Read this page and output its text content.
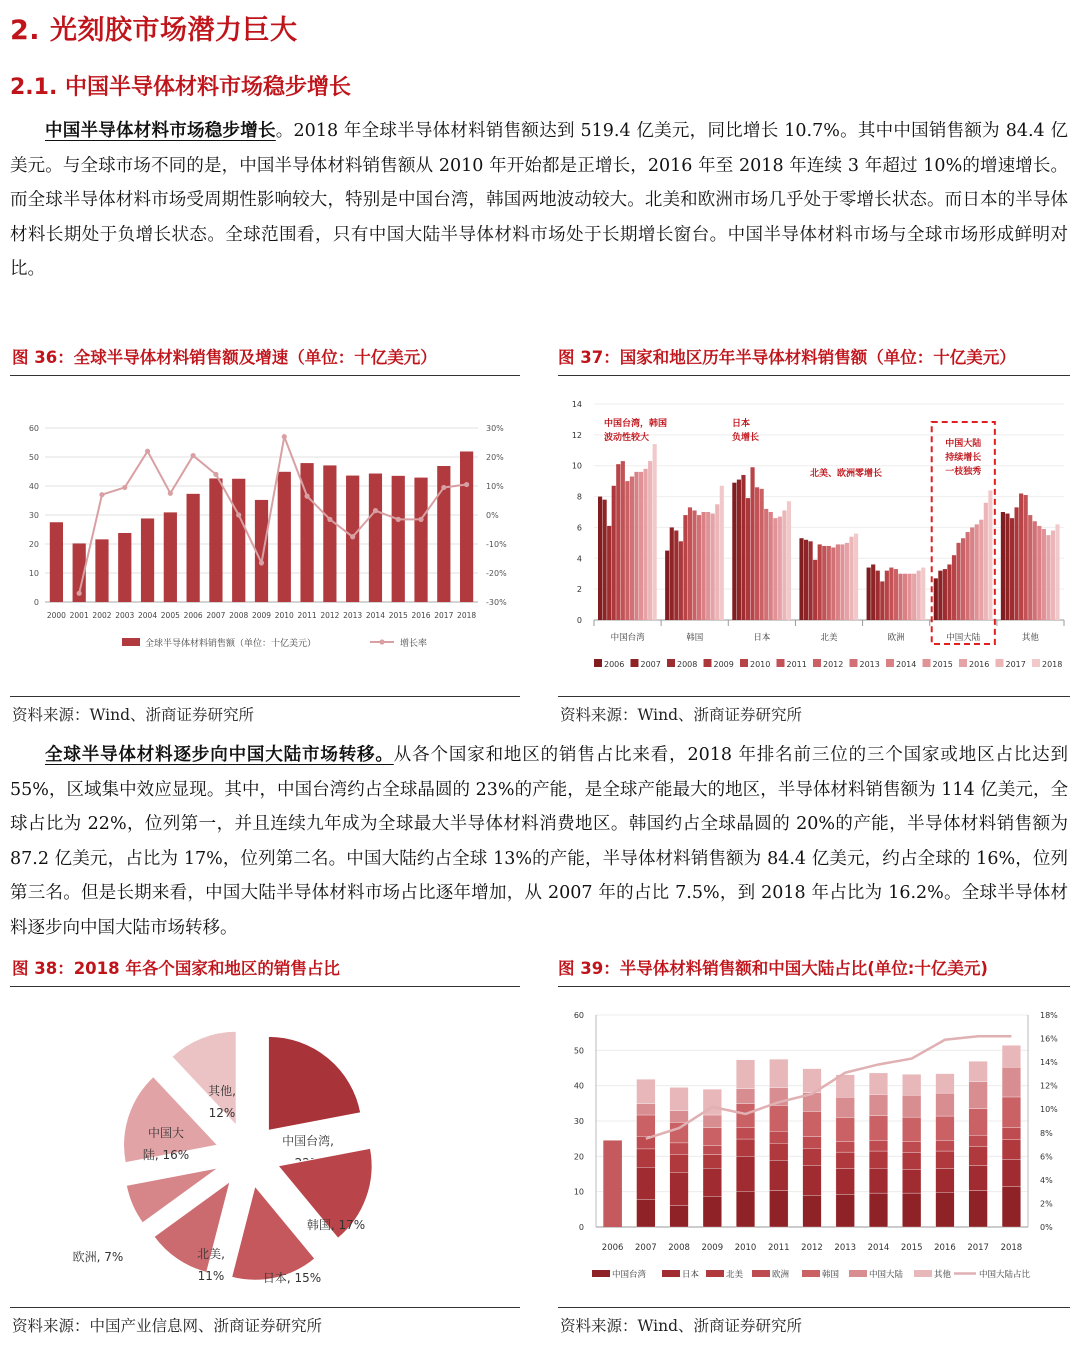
2. 光刻胶市场潜力巨大
2.1. 中国半导体材料市场稳步增长
中国半导体材料市场稳步增长。2018 年全球半导体材料销售额达到 519.4 亿美元，同比增长 10.7%。其中中国销售额为 84.4 亿美元。与全球市场不同的是，中国半导体材料销售额从 2010 年开始都是正增长，2016 年至 2018 年连续 3 年超过 10%的增速增长。而全球半导体材料市场受周期性影响较大，特别是中国台湾，韩国两地波动较大。北美和欧洲市场几乎处于零增长状态。而日本的半导体材料长期处于负增长状态。全球范围看，只有中国大陆半导体材料市场处于长期增长窗台。中国半导体材料市场与全球市场形成鲜明对比。
图 36：全球半导体材料销售额及增速（单位：十亿美元）
0
10
20
30
40
50
60
-30%
-20%
-10%
0%
10%
20%
30%
2000 2001 2002 2003 2004 2005 2006 2007 2008 2009 2010 2011 2012 2013 2014 2015 2016 2017 2018
全球半导体材料销售额（单位：十亿美元）	增长率
资料来源：Wind、浙商证券研究所
图 37：国家和地区历年半导体材料销售额（单位：十亿美元）
0
2
4
6
8
10
12
14
中国台湾	韩国	日本	北美	欧洲	中国大陆	其他
中国台湾，韩国
波动性较大
日本
负增长
北美、欧洲零增长
中国大陆
持续增长
一枝独秀
2006 2007 2008 2009 2010 2011 2012 2013 2014 2015 2016 2017 2018
资料来源：Wind、浙商证券研究所
全球半导体材料逐步向中国大陆市场转移。从各个国家和地区的销售占比来看，2018 年排名前三位的三个国家或地区占比达到 55%，区域集中效应显现。其中，中国台湾约占全球晶圆的 23%的产能，是全球产能最大的地区，半导体材料销售额为 114 亿美元，全球占比为 22%，位列第一，并且连续九年成为全球最大半导体材料消费地区。韩国约占全球晶圆的 20%的产能，半导体材料销售额为 87.2 亿美元，占比为 17%，位列第二名。中国大陆约占全球 13%的产能，半导体材料销售额为 84.4 亿美元，约占全球的 16%，位列第三名。但是长期来看，中国大陆半导体材料市场占比逐年增加，从 2007 年的占比 7.5%，到 2018 年占比为 16.2%。全球半导体材料逐步向中国大陆市场转移。
图 38：2018 年各个国家和地区的销售占比
中国台湾,
韩国, 17%
日本, 15%
北美,
11%
欧洲, 7%
中国大
陆, 16%
其他,
12%
资料来源：中国产业信息网、浙商证券研究所
图 39：半导体材料销售额和中国大陆占比(单位:十亿美元)
0
10
20
30
40
50
60
0%
2%
4%
6%
8%
10%
12%
14%
16%
18%
2006 2007 2008 2009 2010 2011 2012 2013 2014 2015 2016 2017 2018
中国台湾	日本	北美	欧洲	韩国	中国大陆	其他	中国大陆占比
资料来源：Wind、浙商证券研究所
